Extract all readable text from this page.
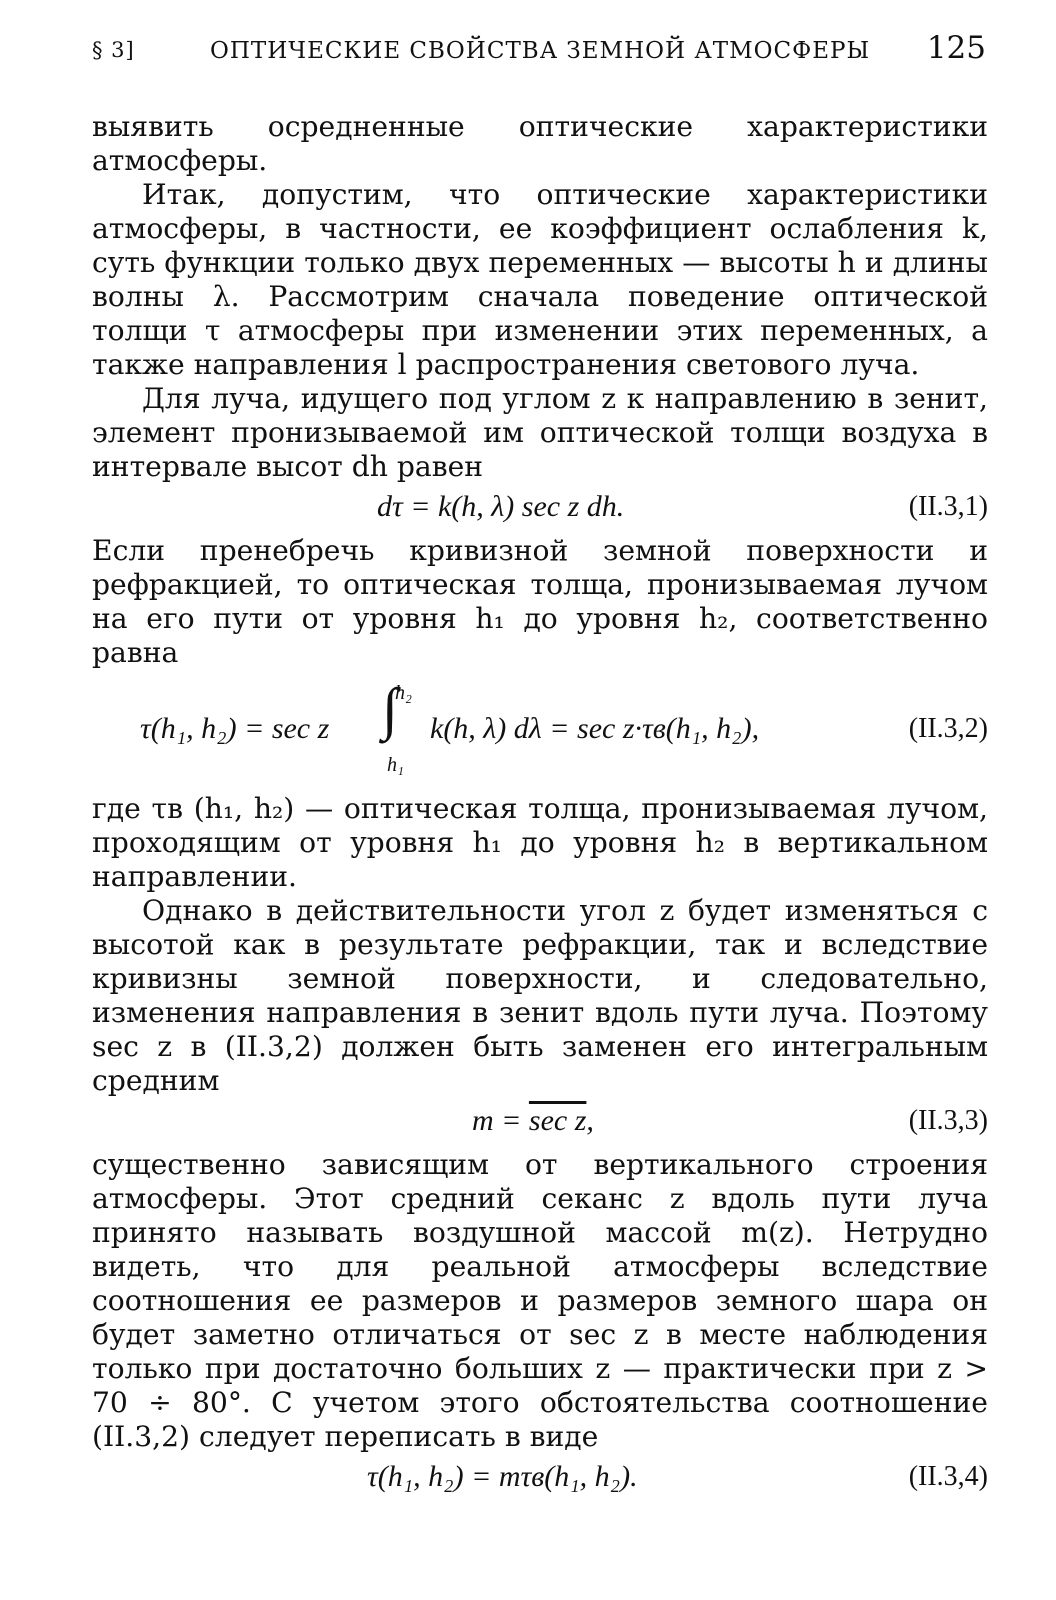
§ 3]	ОПТИЧЕСКИЕ СВОЙСТВА ЗЕМНОЙ АТМОСФЕРЫ 125

выявить осредненные оптические характеристики атмосферы.

Итак, допустим, что оптические характеристики атмосферы, в частности, ее коэффициент ослабления k, суть функции только двух переменных — высоты h и длины волны λ. Рассмотрим сначала поведение оптической толщи τ атмосферы при изменении этих переменных, а также направления l распространения светового луча.

Для луча, идущего под углом z к направлению в зенит, элемент пронизываемой им оптической толщи воздуха в интервале высот dh равен

dτ = k(h, λ) sec z dh.	(II.3,1)

Если пренебречь кривизной земной поверхности и рефракцией, то оптическая толща, пронизываемая лучом на его пути от уровня h₁ до уровня h₂, соответственно равна

τ(h₁, h₂) = sec z
h₂
∫
h₁
k(h, λ) dλ = sec z·τв(h₁, h₂),	(II.3,2)

где τв (h₁, h₂) — оптическая толща, пронизываемая лучом, проходящим от уровня h₁ до уровня h₂ в вертикальном направлении.

Однако в действительности угол z будет изменяться с высотой как в результате рефракции, так и вследствие кривизны земной поверхности, и следовательно, изменения направления в зенит вдоль пути луча. Поэтому sec z в (II.3,2) должен быть заменен его интегральным средним

m = sec z,	(II.3,3)

существенно зависящим от вертикального строения атмосферы. Этот средний секанс z вдоль пути луча принято называть воздушной массой m(z). Нетрудно видеть, что для реальной атмосферы вследствие соотношения ее размеров и размеров земного шара он будет заметно отличаться от sec z в месте наблюдения только при достаточно больших z — практически при z > 70 ÷ 80°. С учетом этого обстоятельства соотношение (II.3,2) следует переписать в виде

τ(h₁, h₂) = mτв(h₁, h₂).	(II.3,4)
